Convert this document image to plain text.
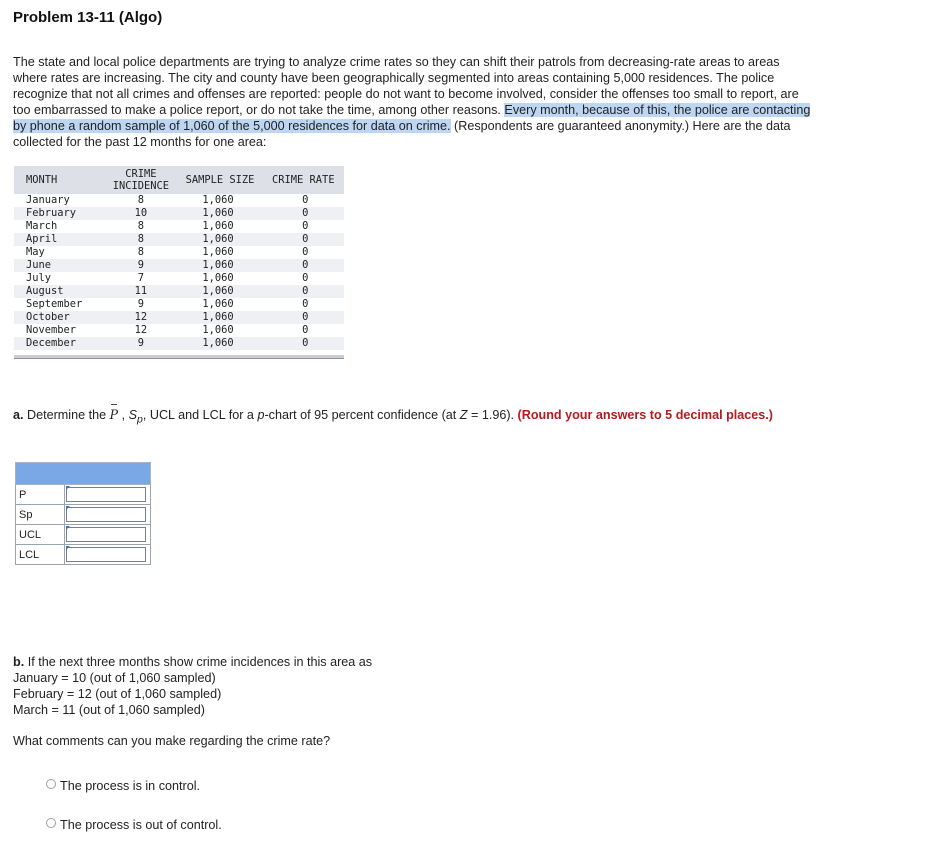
Problem 13-11 (Algo)
The state and local police departments are trying to analyze crime rates so they can shift their patrols from decreasing-rate areas to areas where rates are increasing. The city and county have been geographically segmented into areas containing 5,000 residences. The police recognize that not all crimes and offenses are reported: people do not want to become involved, consider the offenses too small to report, are too embarrassed to make a police report, or do not take the time, among other reasons. Every month, because of this, the police are contacting by phone a random sample of 1,060 of the 5,000 residences for data on crime. (Respondents are guaranteed anonymity.) Here are the data collected for the past 12 months for one area:
MONTH	CRIME INCIDENCE	SAMPLE SIZE	CRIME RATE
January	8	1,060	0
February	10	1,060	0
March	8	1,060	0
April	8	1,060	0
May	8	1,060	0
June	9	1,060	0
July	7	1,060	0
August	11	1,060	0
September	9	1,060	0
October	12	1,060	0
November	12	1,060	0
December	9	1,060	0
a. Determine the P , $S_p$, UCL and LCL for a p-chart of 95 percent confidence (at Z = 1.96). (Round your answers to 5 decimal places.)

P	

Sp	

UCL	

LCL	
b. If the next three months show crime incidences in this area as
January = 10 (out of 1,060 sampled)
February = 12 (out of 1,060 sampled)
March = 11 (out of 1,060 sampled)
What comments can you make regarding the crime rate?
The process is in control.
The process is out of control.
